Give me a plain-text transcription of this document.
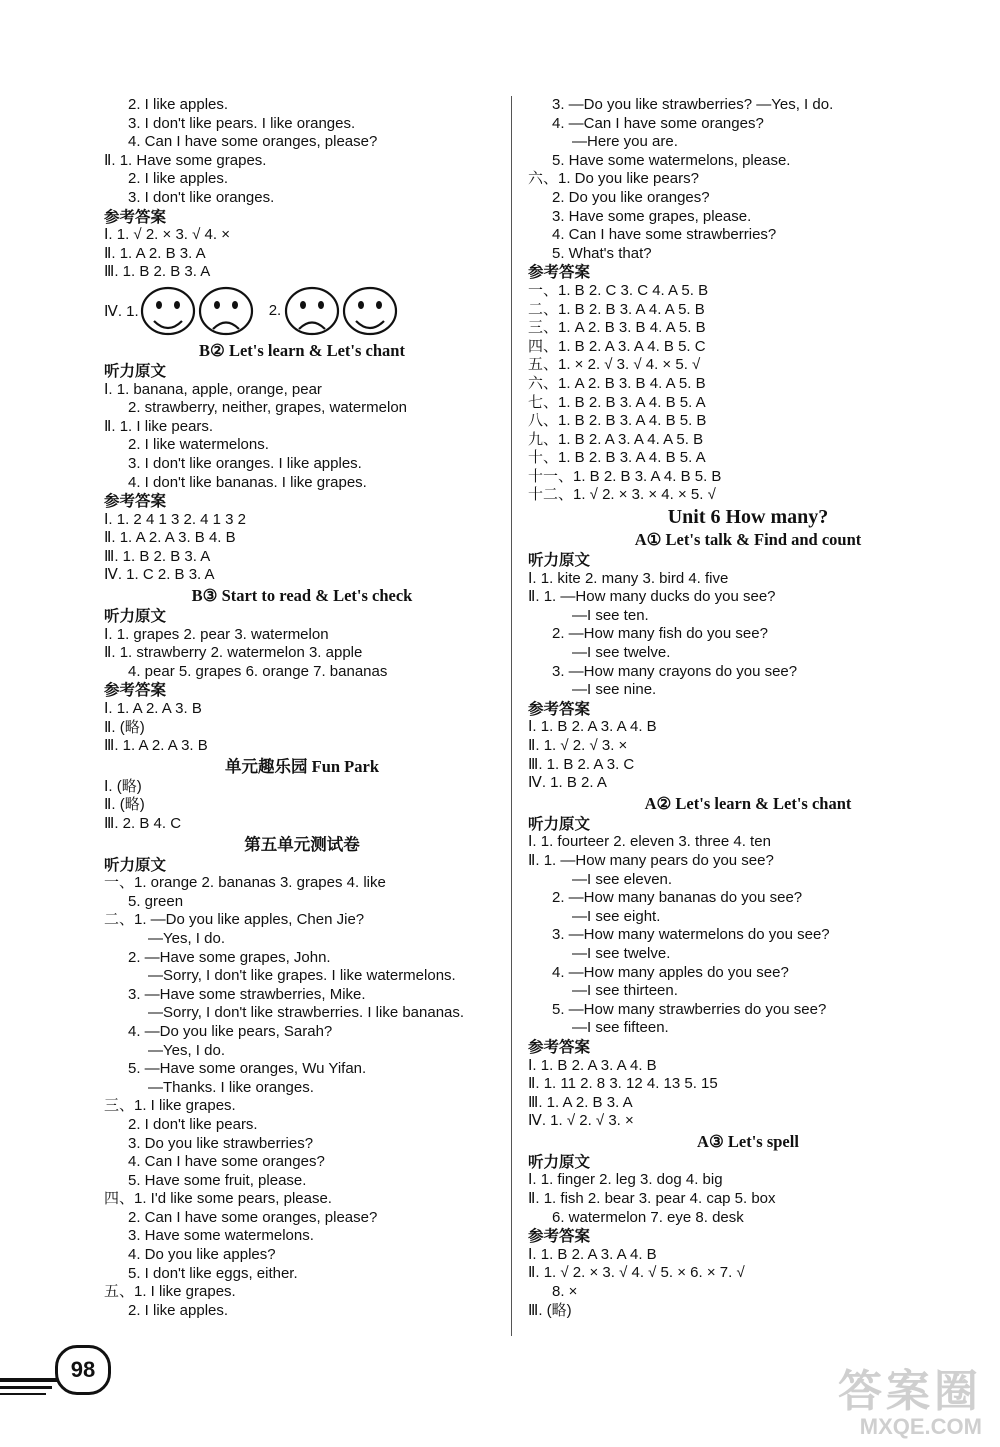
2. I like apples.
3. I don't like pears. I like oranges.
4. Can I have some oranges, please?
Ⅱ. 1. Have some grapes.
2. I like apples.
3. I don't like oranges.
参考答案
Ⅰ. 1. √ 2. × 3. √ 4. ×
Ⅱ. 1. A 2. B 3. A
Ⅲ. 1. B 2. B 3. A
Ⅳ. 1.	2.
B② Let's learn & Let's chant
听力原文
Ⅰ. 1. banana, apple, orange, pear
2. strawberry, neither, grapes, watermelon
Ⅱ. 1. I like pears.
2. I like watermelons.
3. I don't like oranges. I like apples.
4. I don't like bananas. I like grapes.
参考答案
Ⅰ. 1. 2 4 1 3 2. 4 1 3 2
Ⅱ. 1. A 2. A 3. B 4. B
Ⅲ. 1. B 2. B 3. A
Ⅳ. 1. C 2. B 3. A
B③ Start to read & Let's check
听力原文
Ⅰ. 1. grapes 2. pear 3. watermelon
Ⅱ. 1. strawberry 2. watermelon 3. apple
4. pear 5. grapes 6. orange 7. bananas
参考答案
Ⅰ. 1. A 2. A 3. B
Ⅱ. (略)
Ⅲ. 1. A 2. A 3. B
单元趣乐园 Fun Park
Ⅰ. (略)
Ⅱ. (略)
Ⅲ. 2. B 4. C
第五单元测试卷
听力原文
一、1. orange 2. bananas 3. grapes 4. like
5. green
二、1. —Do you like apples, Chen Jie?
—Yes, I do.
2. —Have some grapes, John.
—Sorry, I don't like grapes. I like watermelons.
3. —Have some strawberries, Mike.
—Sorry, I don't like strawberries. I like bananas.
4. —Do you like pears, Sarah?
—Yes, I do.
5. —Have some oranges, Wu Yifan.
—Thanks. I like oranges.
三、1. I like grapes.
2. I don't like pears.
3. Do you like strawberries?
4. Can I have some oranges?
5. Have some fruit, please.
四、1. I'd like some pears, please.
2. Can I have some oranges, please?
3. Have some watermelons.
4. Do you like apples?
5. I don't like eggs, either.
五、1. I like grapes.
2. I like apples.
3. —Do you like strawberries? —Yes, I do.
4. —Can I have some oranges?
—Here you are.
5. Have some watermelons, please.
六、1. Do you like pears?
2. Do you like oranges?
3. Have some grapes, please.
4. Can I have some strawberries?
5. What's that?
参考答案
一、1. B 2. C 3. C 4. A 5. B
二、1. B 2. B 3. A 4. A 5. B
三、1. A 2. B 3. B 4. A 5. B
四、1. B 2. A 3. A 4. B 5. C
五、1. × 2. √ 3. √ 4. × 5. √
六、1. A 2. B 3. B 4. A 5. B
七、1. B 2. B 3. A 4. B 5. A
八、1. B 2. B 3. A 4. B 5. B
九、1. B 2. A 3. A 4. A 5. B
十、1. B 2. B 3. A 4. B 5. A
十一、1. B 2. B 3. A 4. B 5. B
十二、1. √ 2. × 3. × 4. × 5. √
Unit 6 How many?
A① Let's talk & Find and count
听力原文
Ⅰ. 1. kite 2. many 3. bird 4. five
Ⅱ. 1. —How many ducks do you see?
—I see ten.
2. —How many fish do you see?
—I see twelve.
3. —How many crayons do you see?
—I see nine.
参考答案
Ⅰ. 1. B 2. A 3. A 4. B
Ⅱ. 1. √ 2. √ 3. ×
Ⅲ. 1. B 2. A 3. C
Ⅳ. 1. B 2. A
A② Let's learn & Let's chant
听力原文
Ⅰ. 1. fourteer 2. eleven 3. three 4. ten
Ⅱ. 1. —How many pears do you see?
—I see eleven.
2. —How many bananas do you see?
—I see eight.
3. —How many watermelons do you see?
—I see twelve.
4. —How many apples do you see?
—I see thirteen.
5. —How many strawberries do you see?
—I see fifteen.
参考答案
Ⅰ. 1. B 2. A 3. A 4. B
Ⅱ. 1. 11 2. 8 3. 12 4. 13 5. 15
Ⅲ. 1. A 2. B 3. A
Ⅳ. 1. √ 2. √ 3. ×
A③ Let's spell
听力原文
Ⅰ. 1. finger 2. leg 3. dog 4. big
Ⅱ. 1. fish 2. bear 3. pear 4. cap 5. box
6. watermelon 7. eye 8. desk
参考答案
Ⅰ. 1. B 2. A 3. A 4. B
Ⅱ. 1. √ 2. × 3. √ 4. √ 5. × 6. × 7. √
8. ×
Ⅲ. (略)
98	答案圈
MXQE.COM
